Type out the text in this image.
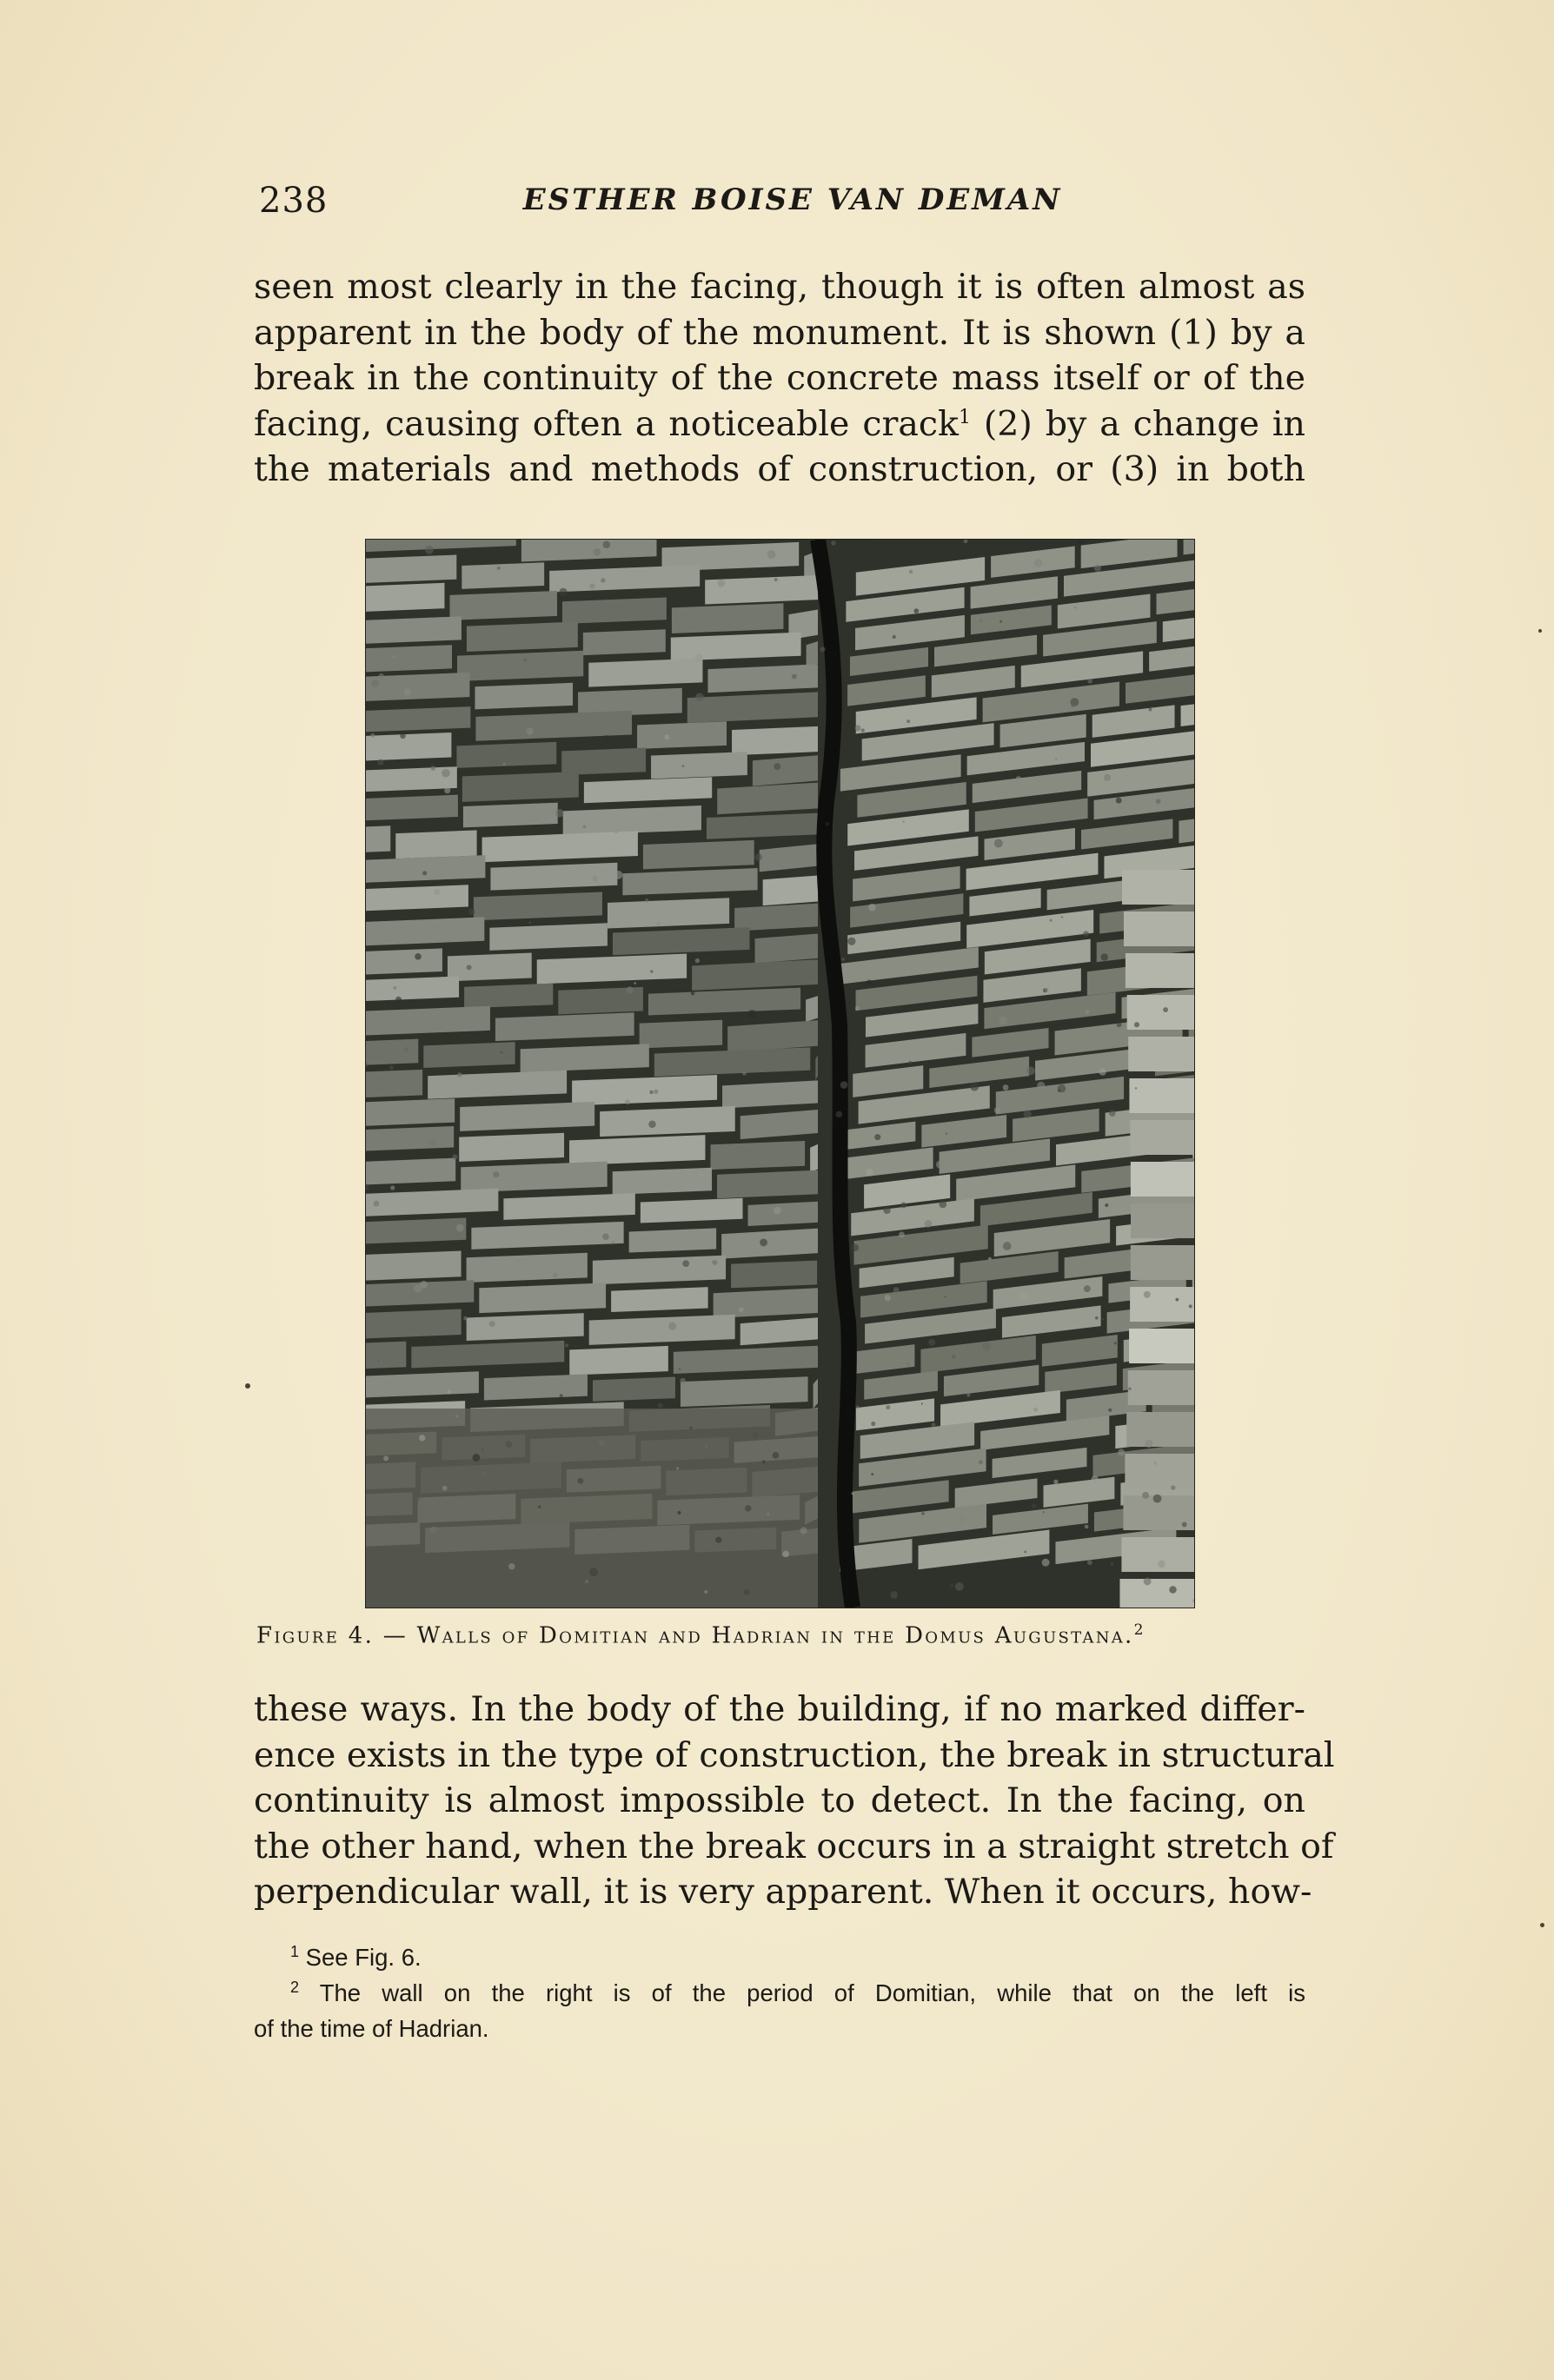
238	ESTHER BOISE VAN DEMAN
seen most clearly in the facing, though it is often almost as
apparent in the body of the monument. It is shown (1) by a
break in the continuity of the concrete mass itself or of the
facing, causing often a noticeable crack$^1$ (2) by a change in
the materials and methods of construction, or (3) in both
Figure 4. — Walls of Domitian and Hadrian in the Domus Augustana.$^2$
these ways. In the body of the building, if no marked differ-
ence exists in the type of construction, the break in structural
continuity is almost impossible to detect. In the facing, on
the other hand, when the break occurs in a straight stretch of
perpendicular wall, it is very apparent. When it occurs, how-
$^1$ See Fig. 6.
$^2$ The wall on the right is of the period of Domitian, while that on the left is
of the time of Hadrian.
